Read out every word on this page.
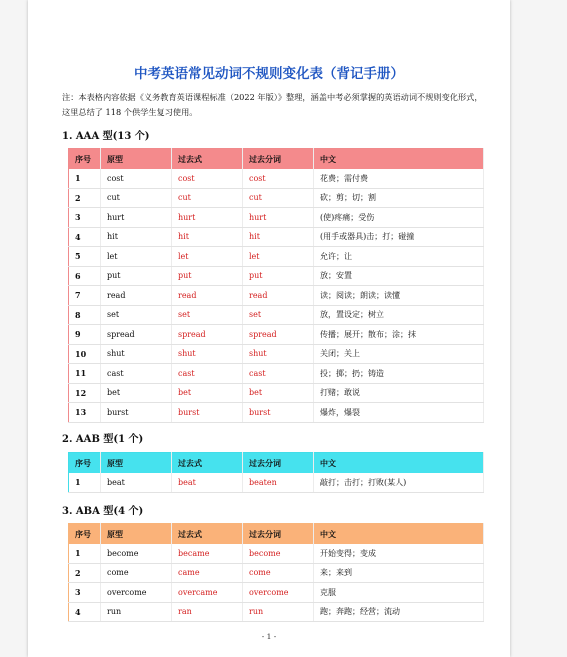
中考英语常见动词不规则变化表（背记手册）
注：本表格内容依据《义务教育英语课程标准（2022 年版）》整理，涵盖中考必须掌握的英语动词不规则变化形式，这里总结了 118 个供学生复习使用。
1. AAA 型(13 个)
序号	原型	过去式	过去分词	中文
1	cost	cost	cost	花费；需付费
2	cut	cut	cut	砍；剪；切；割
3	hurt	hurt	hurt	(使)疼痛；受伤
4	hit	hit	hit	(用手或器具)击；打；碰撞
5	let	let	let	允许；让
6	put	put	put	放；安置
7	read	read	read	读；阅读；朗读；读懂
8	set	set	set	放，置设定；树立
9	spread	spread	spread	传播；展开；散布；涂；抹
10	shut	shut	shut	关闭；关上
11	cast	cast	cast	投；掷；扔；铸造
12	bet	bet	bet	打赌；敢说
13	burst	burst	burst	爆炸，爆裂
2. AAB 型(1 个)
序号	原型	过去式	过去分词	中文
1	beat	beat	beaten	敲打；击打；打败(某人)
3. ABA 型(4 个)
序号	原型	过去式	过去分词	中文
1	become	became	become	开始变得；变成
2	come	came	come	来；来到
3	overcome	overcame	overcome	克服
4	run	ran	run	跑；奔跑；经营；流动
- 1 -
